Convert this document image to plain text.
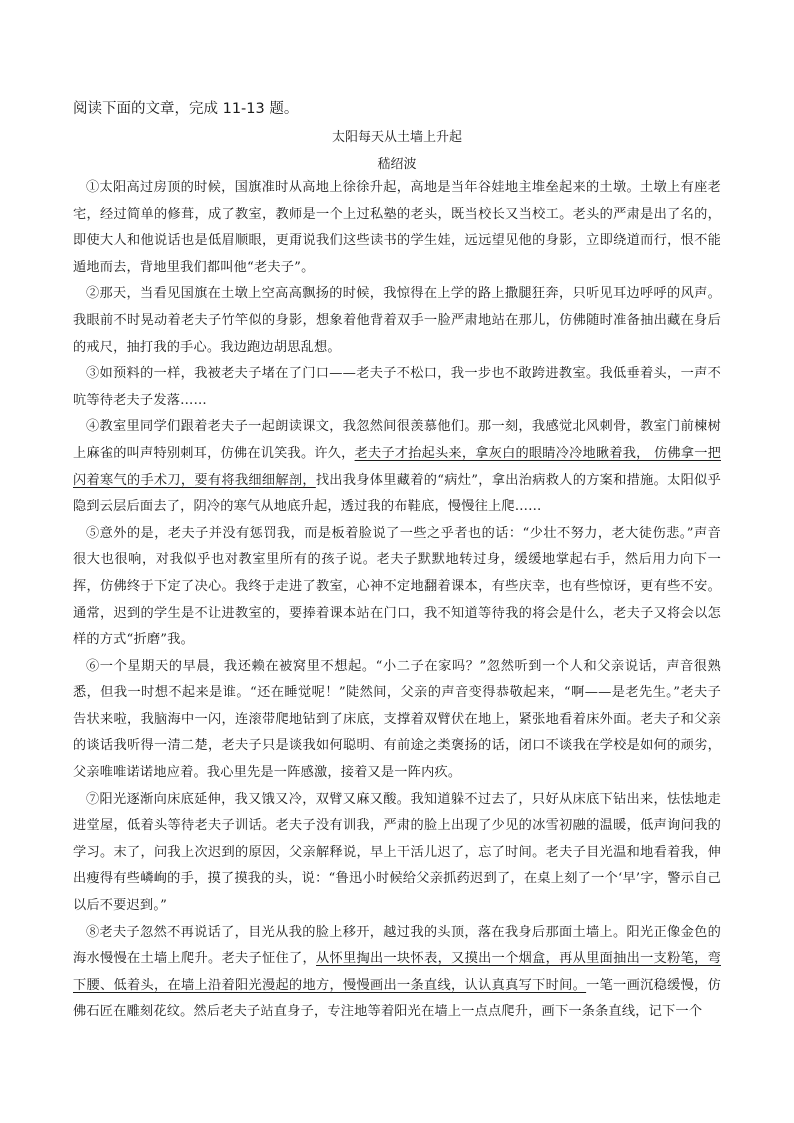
阅读下面的文章，完成 11-13 题。
太阳每天从土墙上升起
嵇绍波

①太阳高过房顶的时候，国旗准时从高地上徐徐升起，高地是当年谷娃地主堆垒起来的土墩。土墩上有座老宅，经过简单的修葺，成了教室，教师是一个上过私塾的老头，既当校长又当校工。老头的严肃是出了名的，即使大人和他说话也是低眉顺眼，更甭说我们这些读书的学生娃，远远望见他的身影，立即绕道而行，恨不能遁地而去，背地里我们都叫他“老夫子”。

②那天，当看见国旗在土墩上空高高飘扬的时候，我惊得在上学的路上撒腿狂奔，只听见耳边呼呼的风声。我眼前不时晃动着老夫子竹竿似的身影，想象着他背着双手一脸严肃地站在那儿，仿佛随时准备抽出藏在身后的戒尺，抽打我的手心。我边跑边胡思乱想。

③如预料的一样，我被老夫子堵在了门口——老夫子不松口，我一步也不敢跨进教室。我低垂着头，一声不吭等待老夫子发落……

④教室里同学们跟着老夫子一起朗读课文，我忽然间很羡慕他们。那一刻，我感觉北风刺骨，教室门前楝树上麻雀的叫声特别刺耳，仿佛在讥笑我。许久，老夫子才抬起头来，拿灰白的眼睛冷冷地瞅着我， 仿佛拿一把闪着寒气的手术刀，要有将我细细解剖，找出我身体里藏着的“病灶”，拿出治病救人的方案和措施。太阳似乎隐到云层后面去了，阴冷的寒气从地底升起，透过我的布鞋底，慢慢往上爬……

⑤意外的是，老夫子并没有惩罚我，而是板着脸说了一些之乎者也的话：“少壮不努力，老大徒伤悲。”声音很大也很响，对我似乎也对教室里所有的孩子说。老夫子默默地转过身，缓缓地掌起右手，然后用力向下一挥，仿佛终于下定了决心。我终于走进了教室，心神不定地翻着课本，有些庆幸，也有些惊讶，更有些不安。通常，迟到的学生是不让进教室的，要捧着课本站在门口，我不知道等待我的将会是什么，老夫子又将会以怎样的方式“折磨”我。

⑥一个星期天的早晨，我还赖在被窝里不想起。“小二子在家吗？”忽然听到一个人和父亲说话，声音很熟悉，但我一时想不起来是谁。“还在睡觉呢！”陡然间，父亲的声音变得恭敬起来，“啊——是老先生。”老夫子告状来啦，我脑海中一闪，连滚带爬地钻到了床底，支撑着双臂伏在地上，紧张地看着床外面。老夫子和父亲的谈话我听得一清二楚，老夫子只是谈我如何聪明、有前途之类褒扬的话，闭口不谈我在学校是如何的顽劣，父亲唯唯诺诺地应着。我心里先是一阵感激，接着又是一阵内疚。

⑦阳光逐渐向床底延伸，我又饿又冷，双臂又麻又酸。我知道躲不过去了，只好从床底下钻出来，怯怯地走进堂屋，低着头等待老夫子训话。老夫子没有训我，严肃的脸上出现了少见的冰雪初融的温暖，低声询问我的学习。末了，问我上次迟到的原因，父亲解释说，早上干活儿迟了，忘了时间。老夫子目光温和地看着我，伸出瘦得有些嶙峋的手，摸了摸我的头，说：“鲁迅小时候给父亲抓药迟到了，在桌上刻了一个‘早’字，警示自己以后不要迟到。”

⑧老夫子忽然不再说话了，目光从我的脸上移开，越过我的头顶，落在我身后那面土墙上。阳光正像金色的海水慢慢在土墙上爬升。老夫子怔住了，从怀里掏出一块怀表，又摸出一个烟盒，再从里面抽出一支粉笔，弯下腰、低着头，在墙上沿着阳光漫起的地方，慢慢画出一条直线，认认真真写下时间。一笔一画沉稳缓慢，仿佛石匠在雕刻花纹。然后老夫子站直身子，专注地等着阳光在墙上一点点爬升，画下一条条直线，记下一个
